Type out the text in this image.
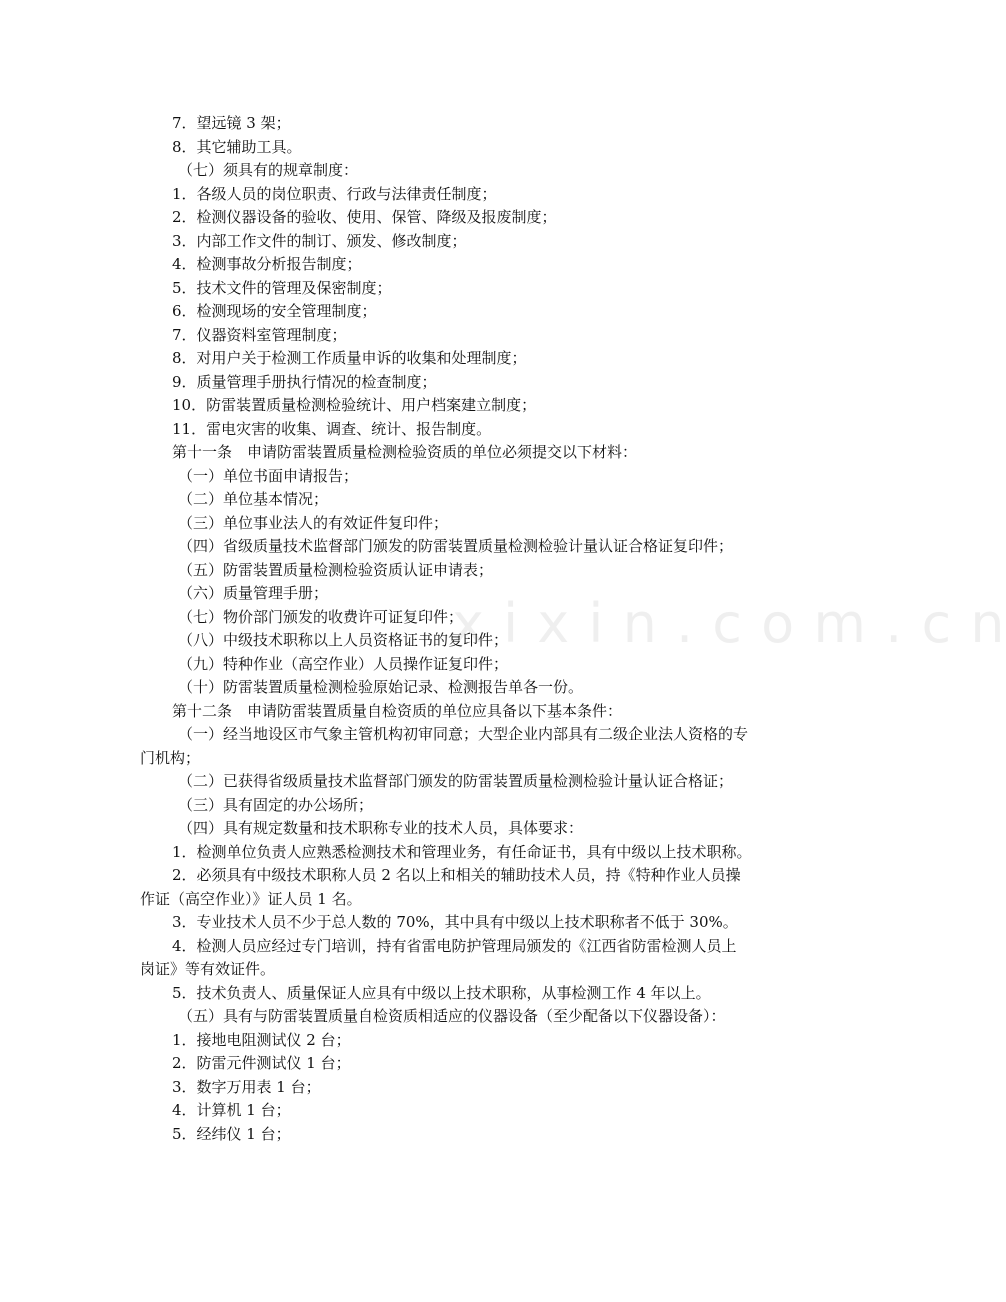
x i x i n . c o m . c n
7．望远镜 3 架；
8．其它辅助工具。
（七）须具有的规章制度：
1．各级人员的岗位职责、行政与法律责任制度；
2．检测仪器设备的验收、使用、保管、降级及报废制度；
3．内部工作文件的制订、颁发、修改制度；
4．检测事故分析报告制度；
5．技术文件的管理及保密制度；
6．检测现场的安全管理制度；
7．仪器资料室管理制度；
8．对用户关于检测工作质量申诉的收集和处理制度；
9．质量管理手册执行情况的检查制度；
10．防雷装置质量检测检验统计、用户档案建立制度；
11．雷电灾害的收集、调查、统计、报告制度。
第十一条　申请防雷装置质量检测检验资质的单位必须提交以下材料：
（一）单位书面申请报告；
（二）单位基本情况；
（三）单位事业法人的有效证件复印件；
（四）省级质量技术监督部门颁发的防雷装置质量检测检验计量认证合格证复印件；
（五）防雷装置质量检测检验资质认证申请表；
（六）质量管理手册；
（七）物价部门颁发的收费许可证复印件；
（八）中级技术职称以上人员资格证书的复印件；
（九）特种作业（高空作业）人员操作证复印件；
（十）防雷装置质量检测检验原始记录、检测报告单各一份。
第十二条　申请防雷装置质量自检资质的单位应具备以下基本条件：
（一）经当地设区市气象主管机构初审同意；大型企业内部具有二级企业法人资格的专
门机构；
（二）已获得省级质量技术监督部门颁发的防雷装置质量检测检验计量认证合格证；
（三）具有固定的办公场所；
（四）具有规定数量和技术职称专业的技术人员，具体要求：
1．检测单位负责人应熟悉检测技术和管理业务，有任命证书，具有中级以上技术职称。
2．必须具有中级技术职称人员 2 名以上和相关的辅助技术人员，持《特种作业人员操
作证（高空作业）》证人员 1 名。
3．专业技术人员不少于总人数的 70%，其中具有中级以上技术职称者不低于 30%。
4．检测人员应经过专门培训，持有省雷电防护管理局颁发的《江西省防雷检测人员上
岗证》等有效证件。
5．技术负责人、质量保证人应具有中级以上技术职称，从事检测工作 4 年以上。
（五）具有与防雷装置质量自检资质相适应的仪器设备（至少配备以下仪器设备）：
1．接地电阻测试仪 2 台；
2．防雷元件测试仪 1 台；
3．数字万用表 1 台；
4．计算机 1 台；
5．经纬仪 1 台；
